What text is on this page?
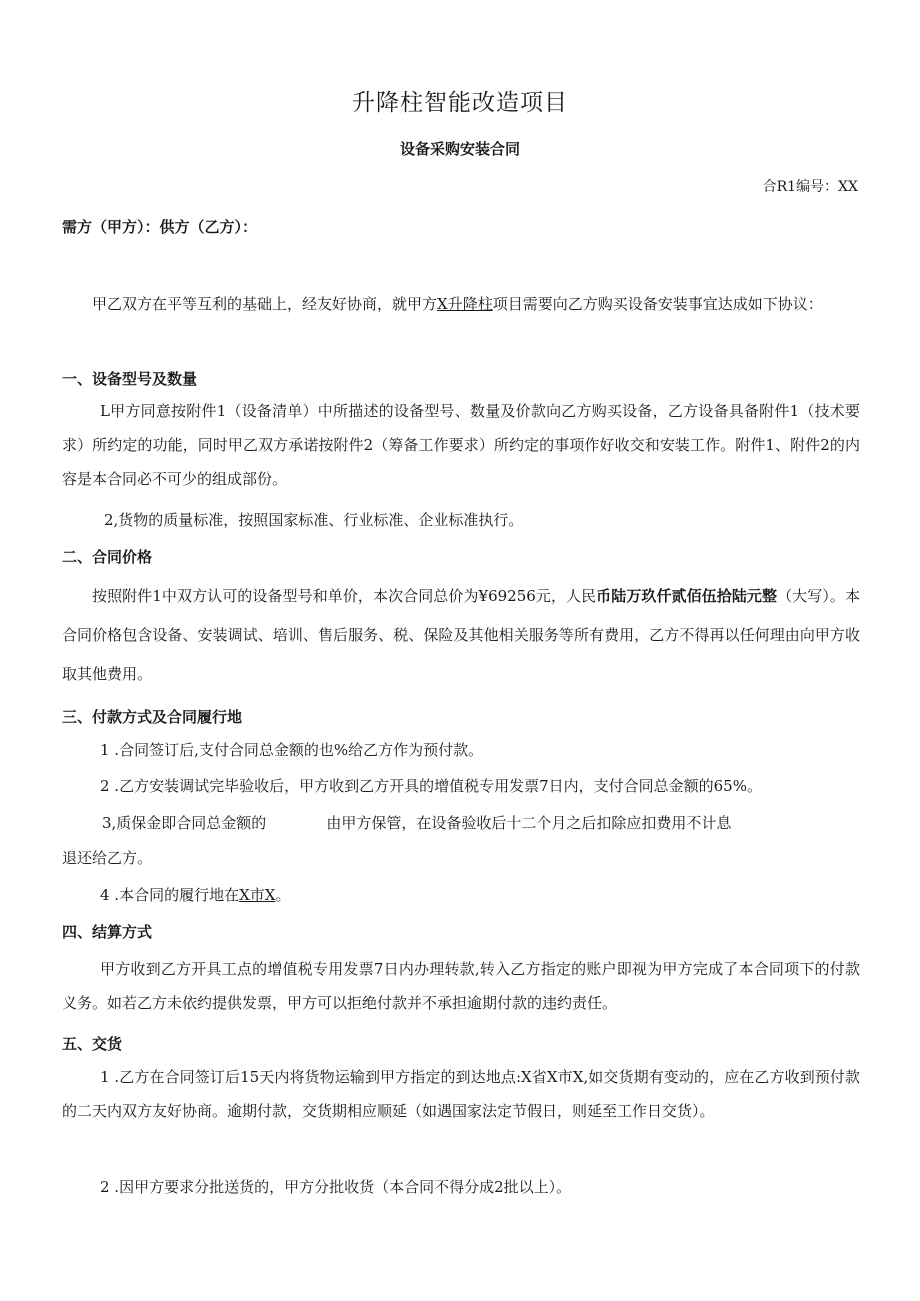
升降柱智能改造项目
设备采购安装合同
合R1编号：XX
需方（甲方）：供方（乙方）：

甲乙双方在平等互利的基础上，经友好协商，就甲方X升降柱项目需要向乙方购买设备安装事宜达成如下协议：

一、设备型号及数量

L甲方同意按附件1（设备清单）中所描述的设备型号、数量及价款向乙方购买设备，乙方设备具备附件1（技术要求）所约定的功能，同时甲乙双方承诺按附件2（筹备工作要求）所约定的事项作好收交和安装工作。附件1、附件2的内容是本合同必不可少的组成部份。

2,货物的质量标准，按照国家标准、行业标准、企业标准执行。

二、合同价格

按照附件1中双方认可的设备型号和单价，本次合同总价为¥69256元，人民币陆万玖仟贰佰伍拾陆元整（大写）。本合同价格包含设备、安装调试、培训、售后服务、税、保险及其他相关服务等所有费用，乙方不得再以任何理由向甲方收取其他费用。

三、付款方式及合同履行地

1 .合同签订后,支付合同总金额的也%给乙方作为预付款。

2 .乙方安装调试完毕验收后，甲方收到乙方开具的增值税专用发票7日内，支付合同总金额的65%。

3,质保金即合同总金额的	由甲方保管，在设备验收后十二个月之后扣除应扣费用不计息

退还给乙方。

4 .本合同的履行地在X市X。

四、结算方式

甲方收到乙方开具工点的增值税专用发票7日内办理转款,转入乙方指定的账户即视为甲方完成了本合同项下的付款义务。如若乙方未依约提供发票，甲方可以拒绝付款并不承担逾期付款的违约责任。

五、交货

1 .乙方在合同签订后15天内将货物运输到甲方指定的到达地点:X省X市X,如交货期有变动的，应在乙方收到预付款的二天内双方友好协商。逾期付款，交货期相应顺延（如遇国家法定节假日，则延至工作日交货）。

2 .因甲方要求分批送货的，甲方分批收货（本合同不得分成2批以上）。
